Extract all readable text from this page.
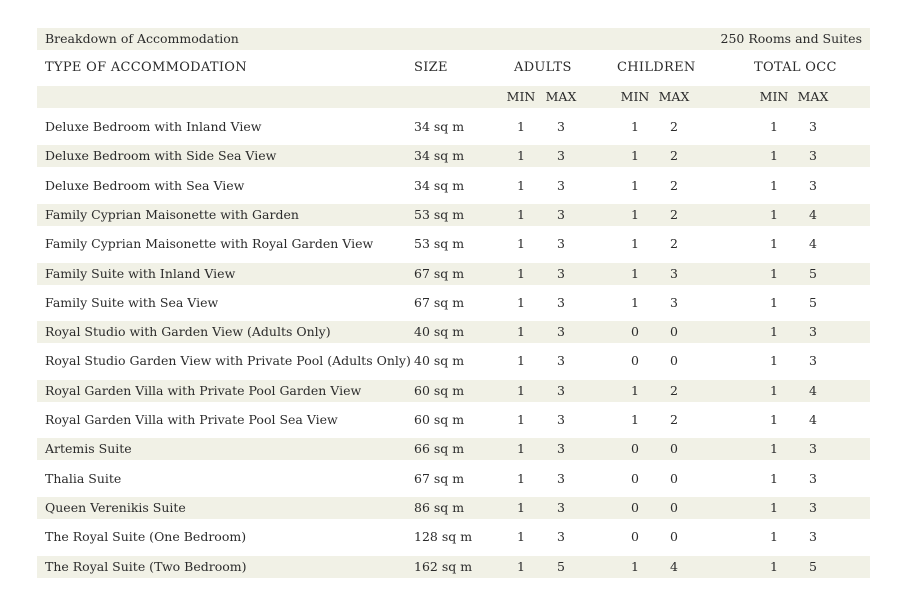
Breakdown of Accommodation	250 Rooms and Suites
TYPE OF ACCOMMODATION	SIZE	ADULTS	CHILDREN	TOTAL OCC
MIN MAX	MIN MAX	MIN MAX
Deluxe Bedroom with Inland View	34 sq m	1	3	1	2	1	3
Deluxe Bedroom with Side Sea View	34 sq m	1	3	1	2	1	3
Deluxe Bedroom with Sea View	34 sq m	1	3	1	2	1	3
Family Cyprian Maisonette with Garden	53 sq m	1	3	1	2	1	4
Family Cyprian Maisonette with Royal Garden View	53 sq m	1	3	1	2	1	4
Family Suite with Inland View	67 sq m	1	3	1	3	1	5
Family Suite with Sea View	67 sq m	1	3	1	3	1	5
Royal Studio with Garden View (Adults Only)	40 sq m	1	3	0	0	1	3
Royal Studio Garden View with Private Pool (Adults Only) 40 sq m	1	3	0	0	1	3
Royal Garden Villa with Private Pool Garden View	60 sq m	1	3	1	2	1	4
Royal Garden Villa with Private Pool Sea View	60 sq m	1	3	1	2	1	4
Artemis Suite	66 sq m	1	3	0	0	1	3
Thalia Suite	67 sq m	1	3	0	0	1	3
Queen Verenikis Suite	86 sq m	1	3	0	0	1	3
The Royal Suite (One Bedroom)	128 sq m	1	3	0	0	1	3
The Royal Suite (Two Bedroom)	162 sq m	1	5	1	4	1	5
